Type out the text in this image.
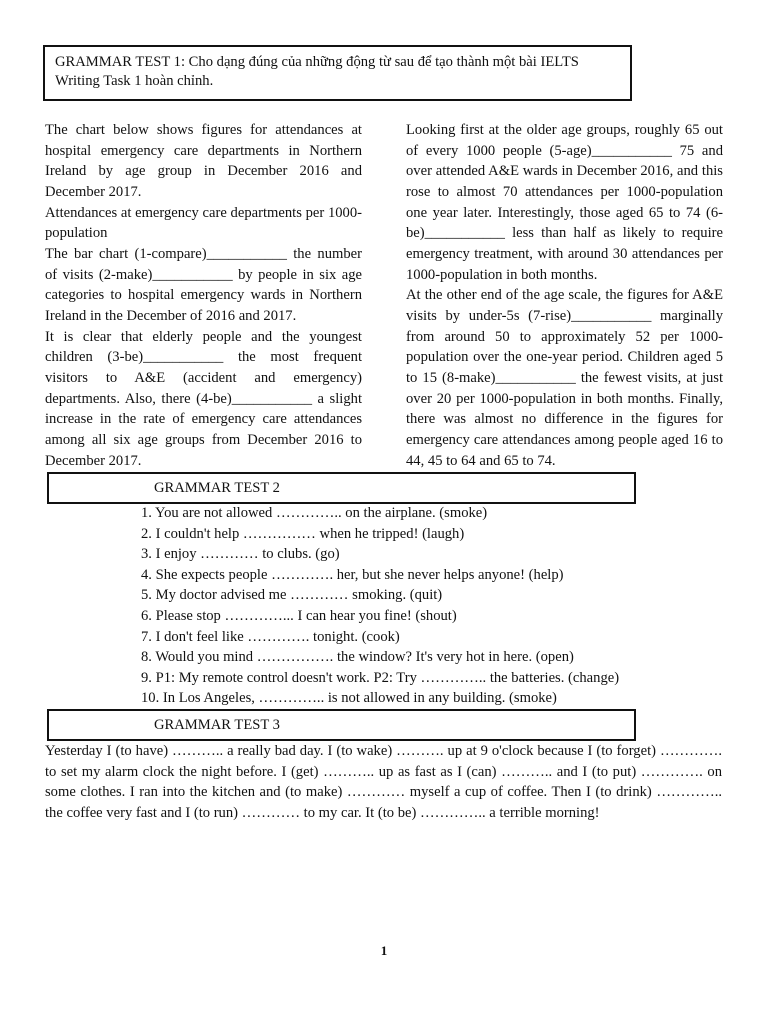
GRAMMAR TEST 1: Cho dạng đúng của những động từ sau để tạo thành một bài IELTS Writing Task 1 hoàn chỉnh.

The chart below shows figures for attendances at hospital emergency care departments in Northern Ireland by age group in December 2016 and December 2017.

Attendances at emergency care departments per 1000-population

The bar chart (1-compare)___________ the number of visits (2-make)___________ by people in six age categories to hospital emergency wards in Northern Ireland in the December of 2016 and 2017.

It is clear that elderly people and the youngest children (3-be)___________ the most frequent visitors to A&E (accident and emergency) departments. Also, there (4-be)___________ a slight increase in the rate of emergency care attendances among all six age groups from December 2016 to December 2017.

Looking first at the older age groups, roughly 65 out of every 1000 people (5-age)___________ 75 and over attended A&E wards in December 2016, and this rose to almost 70 attendances per 1000-population one year later. Interestingly, those aged 65 to 74 (6-be)___________ less than half as likely to require emergency treatment, with around 30 attendances per 1000-population in both months.

At the other end of the age scale, the figures for A&E visits by under-5s (7-rise)___________ marginally from around 50 to approximately 52 per 1000-population over the one-year period. Children aged 5 to 15 (8-make)___________ the fewest visits, at just over 20 per 1000-population in both months. Finally, there was almost no difference in the figures for emergency care attendances among people aged 16 to 44, 45 to 64 and 65 to 74.

GRAMMAR TEST 2
1. You are not allowed ………….. on the airplane. (smoke)
2. I couldn't help …………… when he tripped! (laugh)
3. I enjoy ………… to clubs. (go)
4. She expects people …………. her, but she never helps anyone! (help)
5. My doctor advised me ………… smoking. (quit)
6. Please stop …………... I can hear you fine! (shout)
7. I don't feel like …………. tonight. (cook)
8. Would you mind ……………. the window? It's very hot in here. (open)
9. P1: My remote control doesn't work. P2: Try ………….. the batteries. (change)
10. In Los Angeles, ………….. is not allowed in any building. (smoke)
GRAMMAR TEST 3

Yesterday I (to have) ……….. a really bad day. I (to wake) ………. up at 9 o'clock because I (to forget) …………. to set my alarm clock the night before. I (get) ……….. up as fast as I (can) ……….. and I (to put) …………. on some clothes. I ran into the kitchen and (to make) ………… myself a cup of coffee. Then I (to drink) ………….. the coffee very fast and I (to run) ………… to my car. It (to be) ………….. a terrible morning!

1
